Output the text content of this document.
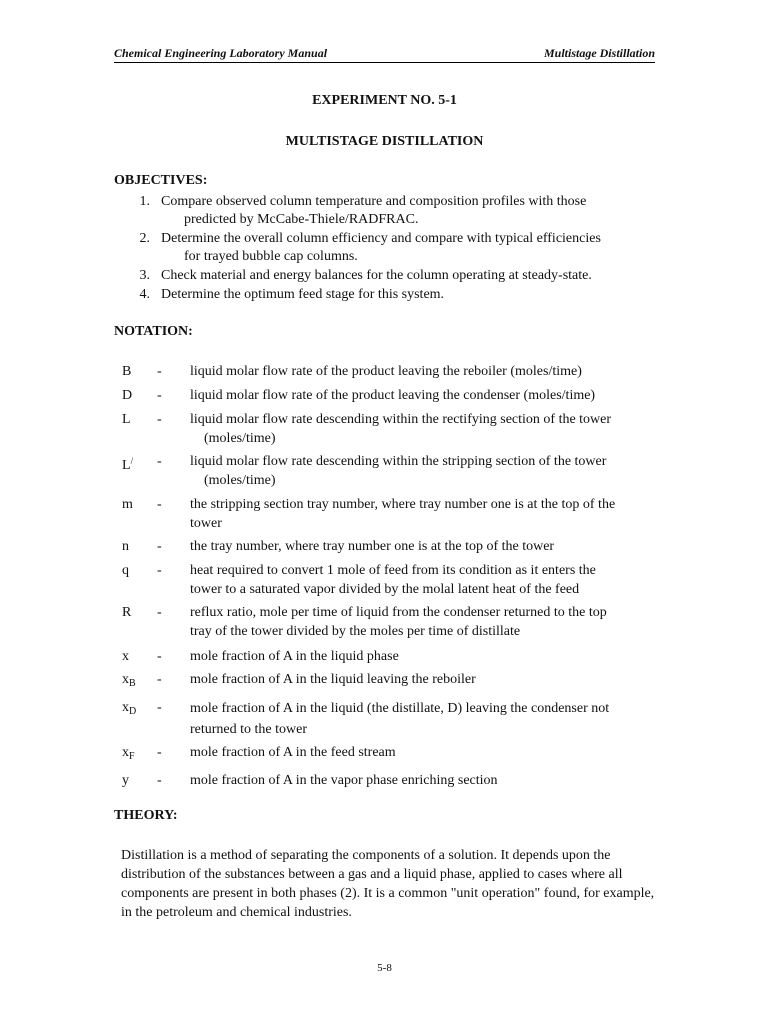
Chemical Engineering Laboratory Manual	Multistage Distillation
EXPERIMENT NO. 5-1
MULTISTAGE DISTILLATION
OBJECTIVES:
1. Compare observed column temperature and composition profiles with those
predicted by McCabe-Thiele/RADFRAC.
2. Determine the overall column efficiency and compare with typical efficiencies
for trayed bubble cap columns.
3. Check material and energy balances for the column operating at steady-state.
4. Determine the optimum feed stage for this system.
NOTATION:
B - liquid molar flow rate of the product leaving the reboiler (moles/time)
D - liquid molar flow rate of the product leaving the condenser (moles/time)
L - liquid molar flow rate descending within the rectifying section of the tower
(moles/time)
L/ - liquid molar flow rate descending within the stripping section of the tower
(moles/time)
m - the stripping section tray number, where tray number one is at the top of the
tower
n - the tray number, where tray number one is at the top of the tower
q - heat required to convert 1 mole of feed from its condition as it enters the
tower to a saturated vapor divided by the molal latent heat of the feed
R - reflux ratio, mole per time of liquid from the condenser returned to the top
tray of the tower divided by the moles per time of distillate
x - mole fraction of A in the liquid phase
$x_B$ - mole fraction of A in the liquid leaving the reboiler
$x_D$ - mole fraction of A in the liquid (the distillate, D) leaving the condenser not
returned to the tower
$x_F$ - mole fraction of A in the feed stream
y - mole fraction of A in the vapor phase enriching section
THEORY:
Distillation is a method of separating the components of a solution. It depends upon the distribution of the substances between a gas and a liquid phase, applied to cases where all components are present in both phases (2). It is a common "unit operation" found, for example, in the petroleum and chemical industries.
5-8
